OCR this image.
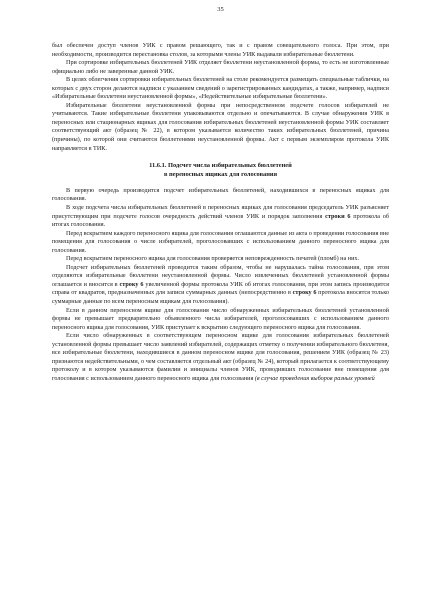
35

был обеспечен доступ членов УИК с правом решающего, так и с правом совещательного голоса. При этом, при необходимости, производится перестановка столов, за которыми члены УИК выдавали избирательные бюллетени.

При сортировке избирательных бюллетеней УИК отделяет бюллетени неустановленной формы, то есть не изготовленные официально либо не заверенные данной УИК.

В целях облегчения сортировки избирательных бюллетеней на столе рекомендуется размещать специальные таблички, на которых с двух сторон делаются надписи с указанием сведений о зарегистрированных кандидатах, а также, например, надписи «Избирательные бюллетени неустановленной формы», «Недействительные избирательные бюллетени».

Избирательные бюллетени неустановленной формы при непосредственном подсчете голосов избирателей не учитываются. Такие избирательные бюллетени упаковываются отдельно и опечатываются. В случае обнаружения УИК в переносных или стационарных ящиках для голосования избирательных бюллетеней неустановленной формы УИК составляет соответствующий акт (образец № 22), в котором указывается количество таких избирательных бюллетеней, причина (причины), по которой они считаются бюллетенями неустановленной формы. Акт с первым экземпляром протокола УИК направляется в ТИК.

11.6.1. Подсчет числа избирательных бюллетеней
в переносных ящиках для голосования

В первую очередь производится подсчет избирательных бюллетеней, находившихся в переносных ящиках для голосования.

В ходе подсчета числа избирательных бюллетеней в переносных ящиках для голосования председатель УИК разъясняет присутствующим при подсчете голосов очередность действий членов УИК и порядок заполнения строки 6 протокола об итогах голосования.

Перед вскрытием каждого переносного ящика для голосования оглашаются данные из акта о проведении голосования вне помещения для голосования о числе избирателей, проголосовавших с использованием данного переносного ящика для голосования.

Перед вскрытием переносного ящика для голосования проверяется неповрежденность печатей (пломб) на них.

Подсчет избирательных бюллетеней проводится таким образом, чтобы не нарушалась тайна голосования, при этом отделяются избирательные бюллетени неустановленной формы. Число извлеченных бюллетеней установленной формы оглашается и вносится в строку 6 увеличенной формы протокола УИК об итогах голосования, при этом запись производится справа от квадратов, предназначенных для записи суммарных данных (непосредственно в строку 6 протокола вносятся только суммарные данные по всем переносным ящикам для голосования).

Если в данном переносном ящике для голосования число обнаруженных избирательных бюллетеней установленной формы не превышает предварительно объявленного числа избирателей, проголосовавших с использованием данного переносного ящика для голосования, УИК приступает к вскрытию следующего переносного ящика для голосования.

Если число обнаруженных в соответствующем переносном ящике для голосования избирательных бюллетеней установленной формы превышает число заявлений избирателей, содержащих отметку о получении избирательного бюллетеня, все избирательные бюллетени, находившиеся в данном переносном ящике для голосования, решением УИК (образец № 23) признаются недействительными, о чем составляется отдельный акт (образец № 24), который прилагается к соответствующему протоколу и в котором указываются фамилии и инициалы членов УИК, проводивших голосование вне помещения для голосования с использованием данного переносного ящика для голосования (в случае проведения выборов разных уровней
